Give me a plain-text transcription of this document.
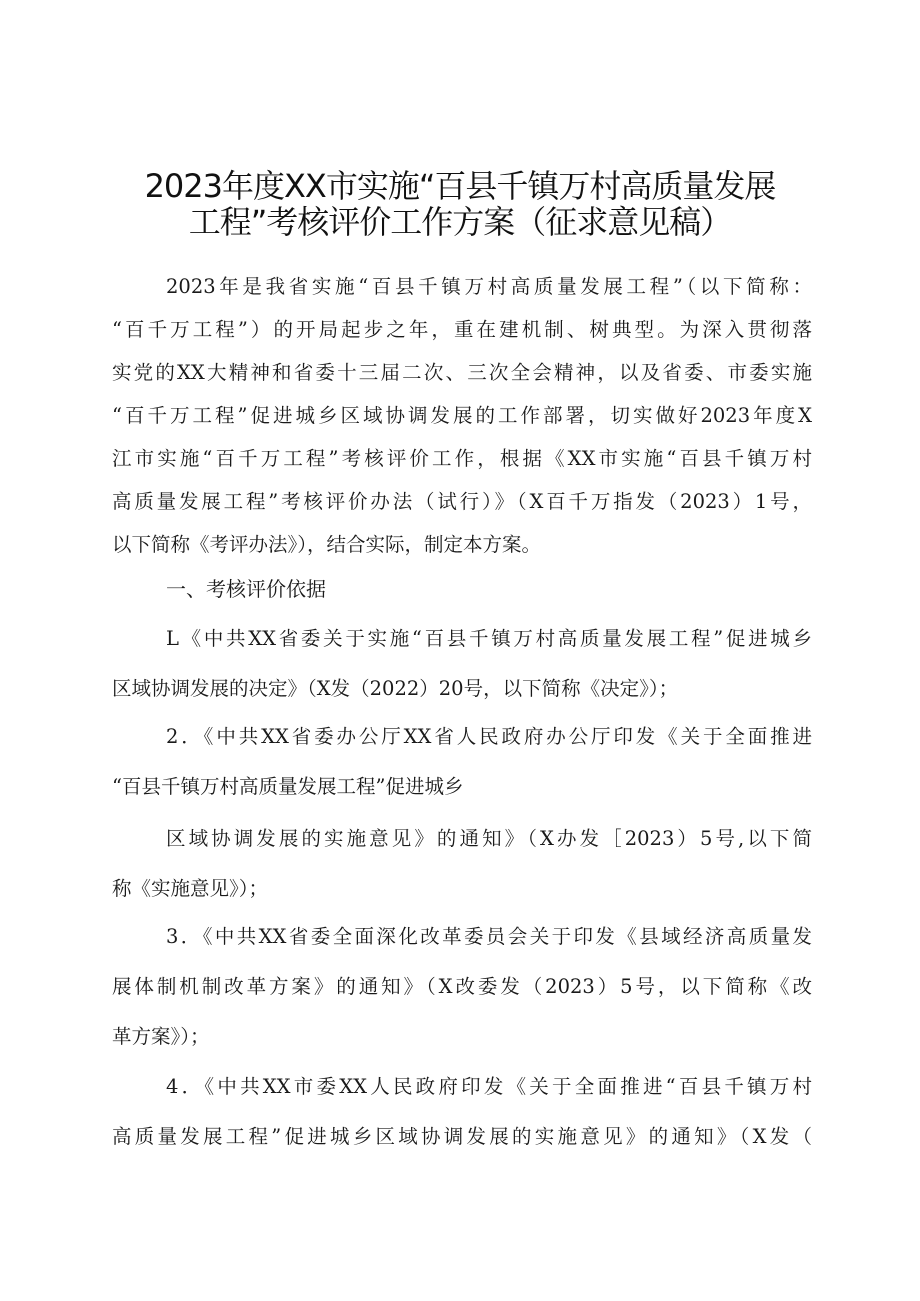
2023年度XX市实施“百县千镇万村高质量发展
工程”考核评价工作方案（征求意见稿）
2023年是我省实施“百县千镇万村高质量发展工程”（以下简称：
“百千万工程”）的开局起步之年，重在建机制、树典型。为深入贯彻落
实党的XX大精神和省委十三届二次、三次全会精神，以及省委、市委实施
“百千万工程”促进城乡区域协调发展的工作部署，切实做好2023年度X
江市实施“百千万工程”考核评价工作，根据《XX市实施“百县千镇万村
高质量发展工程”考核评价办法（试行）》（X百千万指发（2023）1号，
以下简称《考评办法》），结合实际，制定本方案。
一、考核评价依据
L《中共XX省委关于实施“百县千镇万村高质量发展工程”促进城乡
区域协调发展的决定》（X发（2022）20号，以下简称《决定》）；
2．《中共XX省委办公厅XX省人民政府办公厅印发《关于全面推进
“百县千镇万村高质量发展工程”促进城乡
区域协调发展的实施意见》的通知》（X办发［2023）5号,以下简
称《实施意见》）；
3．《中共XX省委全面深化改革委员会关于印发《县域经济高质量发
展体制机制改革方案》的通知》（X改委发（2023）5号，以下简称《改
革方案》）；
4．《中共XX市委XX人民政府印发《关于全面推进“百县千镇万村
高质量发展工程”促进城乡区域协调发展的实施意见》的通知》（X发（
